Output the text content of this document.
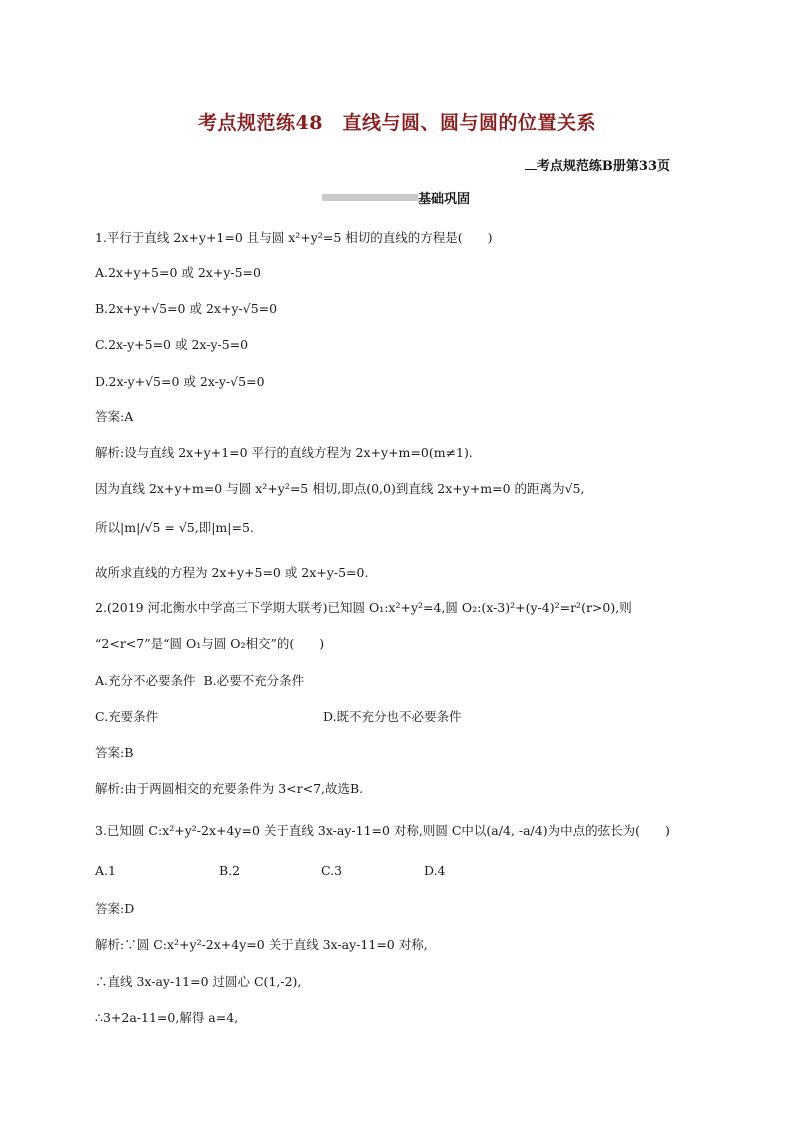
考点规范练48　直线与圆、圆与圆的位置关系
考点规范练B册第33页
基础巩固
1.平行于直线 2x+y+1=0 且与圆 x²+y²=5 相切的直线的方程是(　　)
A.2x+y+5=0 或 2x+y-5=0
B.2x+y+√5=0 或 2x+y-√5=0
C.2x-y+5=0 或 2x-y-5=0
D.2x-y+√5=0 或 2x-y-√5=0
答案:A
解析:设与直线 2x+y+1=0 平行的直线方程为 2x+y+m=0(m≠1).
因为直线 2x+y+m=0 与圆 x²+y²=5 相切,即点(0,0)到直线 2x+y+m=0 的距离为√5,
所以|m|/√5 = √5,即|m|=5.
故所求直线的方程为 2x+y+5=0 或 2x+y-5=0.
2.(2019 河北衡水中学高三下学期大联考)已知圆 O₁:x²+y²=4,圆 O₂:(x-3)²+(y-4)²=r²(r>0),则
“2<r<7”是“圆 O₁与圆 O₂相交”的(　　)
A.充分不必要条件 B.必要不充分条件
C.充要条件	D.既不充分也不必要条件
答案:B
解析:由于两圆相交的充要条件为 3<r<7,故选B.
3.已知圆 C:x²+y²-2x+4y=0 关于直线 3x-ay-11=0 对称,则圆 C中以(a/4, -a/4)为中点的弦长为(　　)
A.1	B.2	C.3	D.4
答案:D
解析:∵圆 C:x²+y²-2x+4y=0 关于直线 3x-ay-11=0 对称,
∴直线 3x-ay-11=0 过圆心 C(1,-2),
∴3+2a-11=0,解得 a=4,
